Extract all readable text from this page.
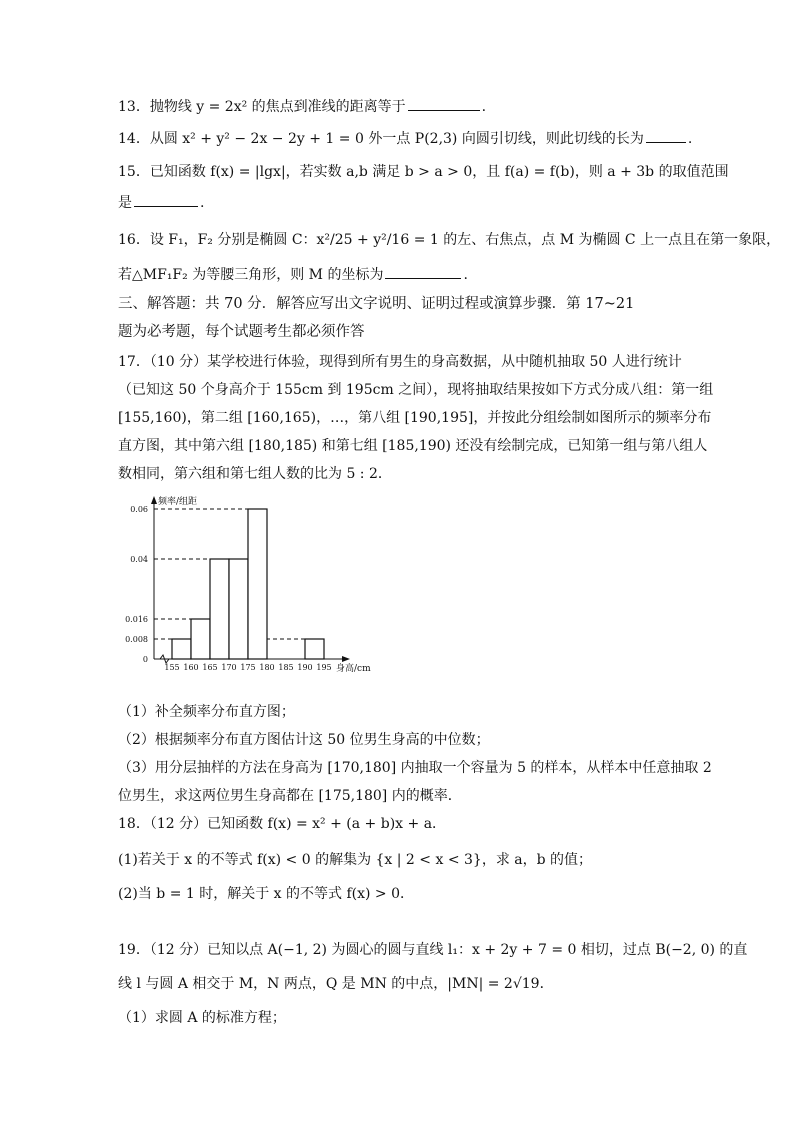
13．抛物线 y = 2x² 的焦点到准线的距离等于	.
14．从圆 x² + y² − 2x − 2y + 1 = 0 外一点 P(2,3) 向圆引切线，则此切线的长为	.
15．已知函数 f(x) = |lgx|，若实数 a,b 满足 b > a > 0，且 f(a) = f(b)，则 a + 3b 的取值范围
是	.
16．设 F₁，F₂ 分别是椭圆 C：x²/25 + y²/16 = 1 的左、右焦点，点 M 为椭圆 C 上一点且在第一象限，
若△MF₁F₂ 为等腰三角形，则 M 的坐标为	.
三、解答题：共 70 分．解答应写出文字说明、证明过程或演算步骤．第 17~21
题为必考题，每个试题考生都必须作答
17．（10 分）某学校进行体验，现得到所有男生的身高数据，从中随机抽取 50 人进行统计
（已知这 50 个身高介于 155cm 到 195cm 之间），现将抽取结果按如下方式分成八组：第一组
[155,160)，第二组 [160,165)，…，第八组 [190,195]，并按此分组绘制如图所示的频率分布
直方图，其中第六组 [180,185) 和第七组 [185,190) 还没有绘制完成，已知第一组与第八组人
数相同，第六组和第七组人数的比为 5 : 2．
0.06
0.04
0.016
0.008
155 160 165 170 175 180 185 190 195
0
频率/组距
身高/cm
（1）补全频率分布直方图；
（2）根据频率分布直方图估计这 50 位男生身高的中位数；
（3）用分层抽样的方法在身高为 [170,180] 内抽取一个容量为 5 的样本，从样本中任意抽取 2
位男生，求这两位男生身高都在 [175,180] 内的概率．
18．（12 分）已知函数 f(x) = x² + (a + b)x + a．
(1)若关于 x 的不等式 f(x) < 0 的解集为 {x | 2 < x < 3}，求 a，b 的值；
(2)当 b = 1 时，解关于 x 的不等式 f(x) > 0．
19．（12 分）已知以点 A(−1, 2) 为圆心的圆与直线 l₁：x + 2y + 7 = 0 相切，过点 B(−2, 0) 的直
线 l 与圆 A 相交于 M，N 两点，Q 是 MN 的中点，|MN| = 2√19．
（1）求圆 A 的标准方程；
